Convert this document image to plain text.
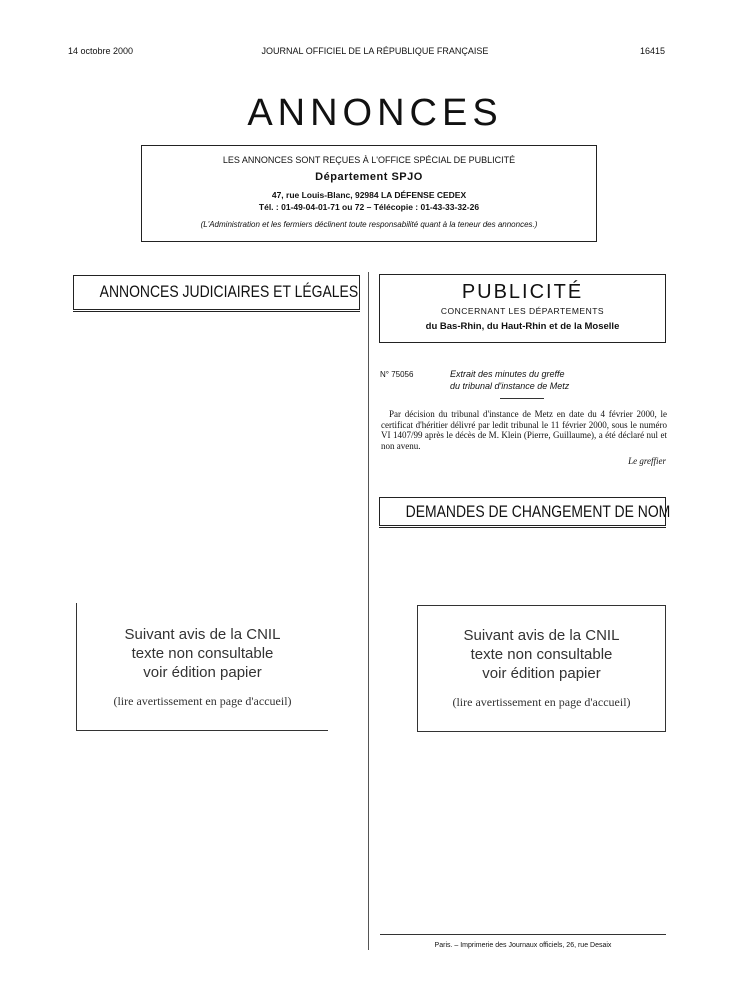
14 octobre 2000	JOURNAL OFFICIEL DE LA RÉPUBLIQUE FRANÇAISE	16415
ANNONCES
LES ANNONCES SONT REÇUES À L'OFFICE SPÉCIAL DE PUBLICITÉ
Département SPJO
47, rue Louis-Blanc, 92984 LA DÉFENSE CEDEX
Tél. : 01-49-04-01-71 ou 72 – Télécopie : 01-43-33-32-26
(L'Administration et les fermiers déclinent toute responsabilité quant à la teneur des annonces.)
ANNONCES JUDICIAIRES ET LÉGALES
Suivant avis de la CNIL
texte non consultable
voir édition papier
(lire avertissement en page d'accueil)
PUBLICITÉ
CONCERNANT LES DÉPARTEMENTS
du Bas-Rhin, du Haut-Rhin et de la Moselle
N° 75056	Extrait des minutes du greffe
du tribunal d'instance de Metz
Par décision du tribunal d'instance de Metz en date du 4 février 2000, le certificat d'héritier délivré par ledit tribunal le 11 février 2000, sous le numéro VI 1407/99 après le décès de M. Klein (Pierre, Guillaume), a été déclaré nul et non avenu.
Le greffier
DEMANDES DE CHANGEMENT DE NOM
Suivant avis de la CNIL
texte non consultable
voir édition papier
(lire avertissement en page d'accueil)
Paris. – Imprimerie des Journaux officiels, 26, rue Desaix
